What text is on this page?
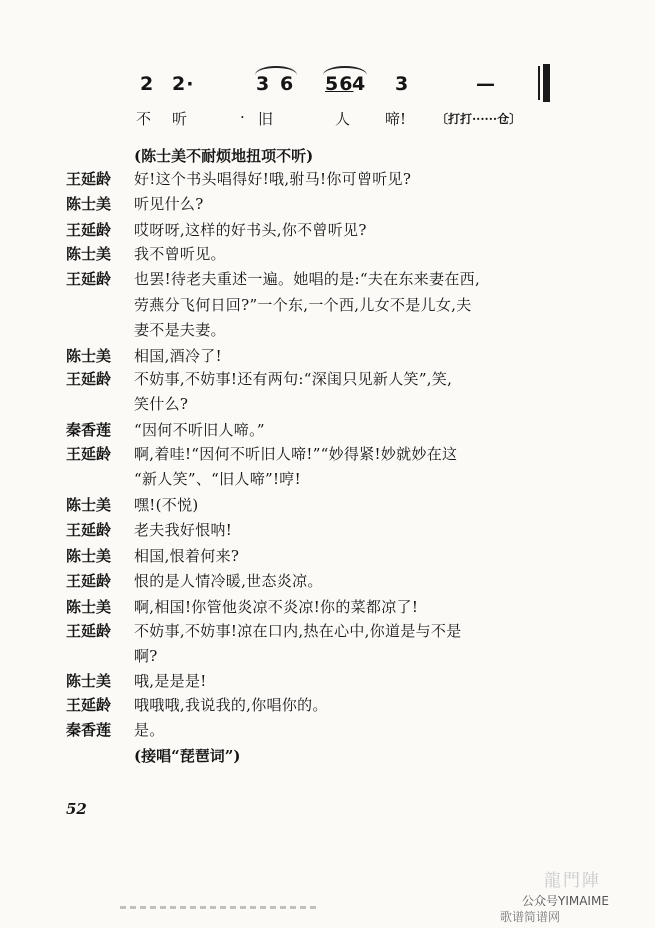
2 2·	3 6 56
4 3	—
不 听	· 旧	人 啼! 〔打打······仓〕
(陈士美不耐烦地扭项不听)
王延龄 好!这个书头唱得好!哦,驸马!你可曾听见?
陈士美 听见什么?
王延龄 哎呀呀,这样的好书头,你不曾听见?
陈士美 我不曾听见。
王延龄 也罢!待老夫重述一遍。她唱的是:“夫在东来妻在西,
劳燕分飞何日回?”一个东,一个西,儿女不是儿女,夫
妻不是夫妻。
陈士美 相国,酒冷了!
王延龄 不妨事,不妨事!还有两句:“深闺只见新人笑”,笑,
笑什么?
秦香莲 “因何不听旧人啼。”
王延龄 啊,着哇!“因何不听旧人啼!”“妙得紧!妙就妙在这
“新人笑”、“旧人啼”!哼!
陈士美 嘿!(不悦)
王延龄 老夫我好恨呐!
陈士美 相国,恨着何来?
王延龄 恨的是人情冷暖,世态炎凉。
陈士美 啊,相国!你管他炎凉不炎凉!你的菜都凉了!
王延龄 不妨事,不妨事!凉在口内,热在心中,你道是与不是
啊?
陈士美 哦,是是是!
王延龄 哦哦哦,我说我的,你唱你的。
秦香莲 是。
(接唱“琵琶词”)
52
龍門陣
公众号YIMAIME
歌谱简谱网
